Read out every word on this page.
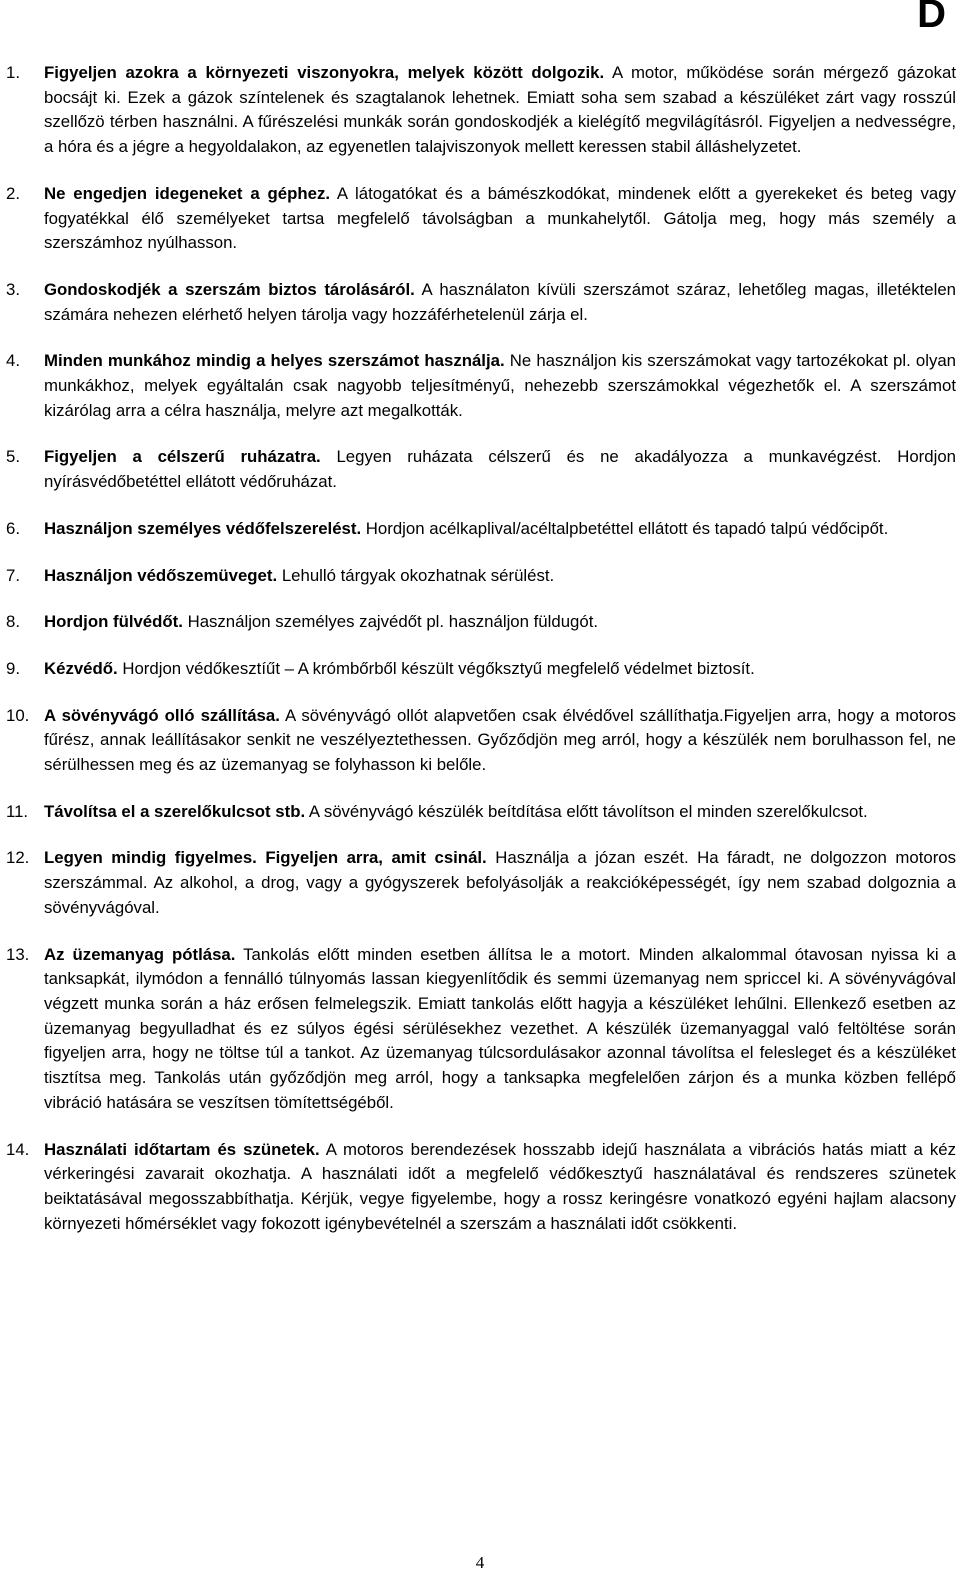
D
1.	Figyeljen azokra a környezeti viszonyokra, melyek között dolgozik. A motor, működése során mérgező gázokat bocsájt ki. Ezek a gázok színtelenek és szagtalanok lehetnek. Emiatt soha sem szabad a készüléket zárt vagy rosszúl szellőzö térben használni. A fűrészelési munkák során gondoskodjék a kielégítő megvilágításról. Figyeljen a nedvességre, a hóra és a jégre a hegyoldalakon, az egyenetlen talajviszonyok mellett keressen stabil álláshelyzetet.
2.	Ne engedjen idegeneket a géphez. A látogatókat és a bámészkodókat, mindenek előtt a gyerekeket és beteg vagy fogyatékkal élő személyeket tartsa megfelelő távolságban a munkahelytől. Gátolja meg, hogy más személy a szerszámhoz nyúlhasson.
3.	Gondoskodjék a szerszám biztos tárolásáról. A használaton kívüli szerszámot száraz, lehetőleg magas, illetéktelen számára nehezen elérhető helyen tárolja vagy hozzáférhetelenül zárja el.
4.	Minden munkához mindig a helyes szerszámot használja. Ne használjon kis szerszámokat vagy tartozékokat pl. olyan munkákhoz, melyek egyáltalán csak nagyobb teljesítményű, nehezebb szerszámokkal végezhetők el. A szerszámot kizárólag arra a célra használja, melyre azt megalkották.
5.	Figyeljen a célszerű ruházatra. Legyen ruházata célszerű és ne akadályozza a munkavégzést. Hordjon nyírásvédőbetéttel ellátott védőruházat.
6.	Használjon személyes védőfelszerelést. Hordjon acélkaplival/acéltalpbetéttel ellátott és tapadó talpú védőcipőt.
7.	Használjon védőszemüveget. Lehulló tárgyak okozhatnak sérülést.
8.	Hordjon fülvédőt. Használjon személyes zajvédőt pl. használjon füldugót.
9.	Kézvédő. Hordjon védőkesztíűt – A krómbőrből készült végőksztyű megfelelő védelmet biztosít.
10. A sövényvágó olló szállítása. A sövényvágó ollót alapvetően csak élvédővel szállíthatja.Figyeljen arra, hogy a motoros fűrész, annak leállításakor senkit ne veszélyeztethessen. Győződjön meg arról, hogy a készülék nem borulhasson fel, ne sérülhessen meg és az üzemanyag se folyhasson ki belőle.
11. Távolítsa el a szerelőkulcsot stb. A sövényvágó készülék beítdítása előtt távolítson el minden szerelőkulcsot.
12. Legyen mindig figyelmes. Figyeljen arra, amit csinál. Használja a józan eszét. Ha fáradt, ne dolgozzon motoros szerszámmal. Az alkohol, a drog, vagy a gyógyszerek befolyásolják a reakcióképességét, így nem szabad dolgoznia a sövényvágóval.
13. Az üzemanyag pótlása. Tankolás előtt minden esetben állítsa le a motort. Minden alkalommal ótavosan nyissa ki a tanksapkát, ilymódon a fennálló túlnyomás lassan kiegyenlítődik és semmi üzemanyag nem spriccel ki. A sövényvágóval végzett munka során a ház erősen felmelegszik. Emiatt tankolás előtt hagyja a készüléket lehűlni. Ellenkező esetben az üzemanyag begyulladhat és ez súlyos égési sérülésekhez vezethet. A készülék üzemanyaggal való feltöltése során figyeljen arra, hogy ne töltse túl a tankot. Az üzemanyag túlcsordulásakor azonnal távolítsa el felesleget és a készüléket tisztítsa meg. Tankolás után győződjön meg arról, hogy a tanksapka megfelelően zárjon és a munka közben fellépő vibráció hatására se veszítsen tömítettségéből.
14. Használati időtartam és szünetek. A motoros berendezések hosszabb idejű használata a vibrációs hatás miatt a kéz vérkeringési zavarait okozhatja. A használati időt a megfelelő védőkesztyű használatával és rendszeres szünetek beiktatásával megosszabbíthatja. Kérjük, vegye figyelembe, hogy a rossz keringésre vonatkozó egyéni hajlam alacsony környezeti hőmérséklet vagy fokozott igénybevételnél a szerszám a használati időt csökkenti.
4
